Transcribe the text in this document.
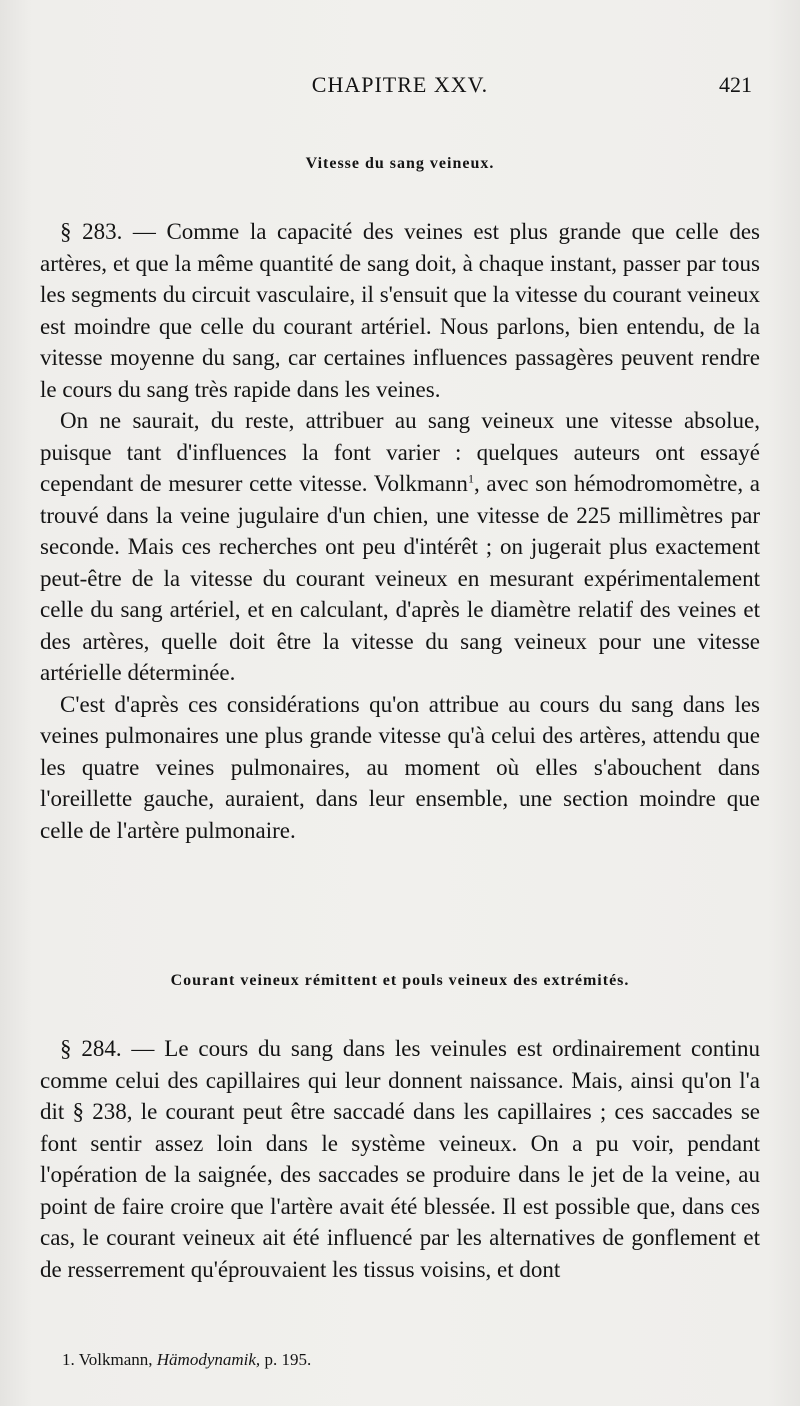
CHAPITRE XXV.	421
Vitesse du sang veineux.

§ 283. — Comme la capacité des veines est plus grande que celle des artères, et que la même quantité de sang doit, à chaque instant, passer par tous les segments du circuit vasculaire, il s'ensuit que la vitesse du courant veineux est moindre que celle du courant artériel. Nous parlons, bien entendu, de la vitesse moyenne du sang, car certaines influences passagères peuvent rendre le cours du sang très rapide dans les veines.

On ne saurait, du reste, attribuer au sang veineux une vitesse absolue, puisque tant d'influences la font varier : quelques auteurs ont essayé cependant de mesurer cette vitesse. Volkmann$^1$, avec son hémodromomètre, a trouvé dans la veine jugulaire d'un chien, une vitesse de 225 millimètres par seconde. Mais ces recherches ont peu d'intérêt ; on jugerait plus exactement peut-être de la vitesse du courant veineux en mesurant expérimentalement celle du sang artériel, et en calculant, d'après le diamètre relatif des veines et des artères, quelle doit être la vitesse du sang veineux pour une vitesse artérielle déterminée.

C'est d'après ces considérations qu'on attribue au cours du sang dans les veines pulmonaires une plus grande vitesse qu'à celui des artères, attendu que les quatre veines pulmonaires, au moment où elles s'abouchent dans l'oreillette gauche, auraient, dans leur ensemble, une section moindre que celle de l'artère pulmonaire.

Courant veineux rémittent et pouls veineux des extrémités.

§ 284. — Le cours du sang dans les veinules est ordinairement continu comme celui des capillaires qui leur donnent naissance. Mais, ainsi qu'on l'a dit § 238, le courant peut être saccadé dans les capillaires ; ces saccades se font sentir assez loin dans le système veineux. On a pu voir, pendant l'opération de la saignée, des saccades se produire dans le jet de la veine, au point de faire croire que l'artère avait été blessée. Il est possible que, dans ces cas, le courant veineux ait été influencé par les alternatives de gonflement et de resserrement qu'éprouvaient les tissus voisins, et dont

1. Volkmann, Hämodynamik, p. 195.
